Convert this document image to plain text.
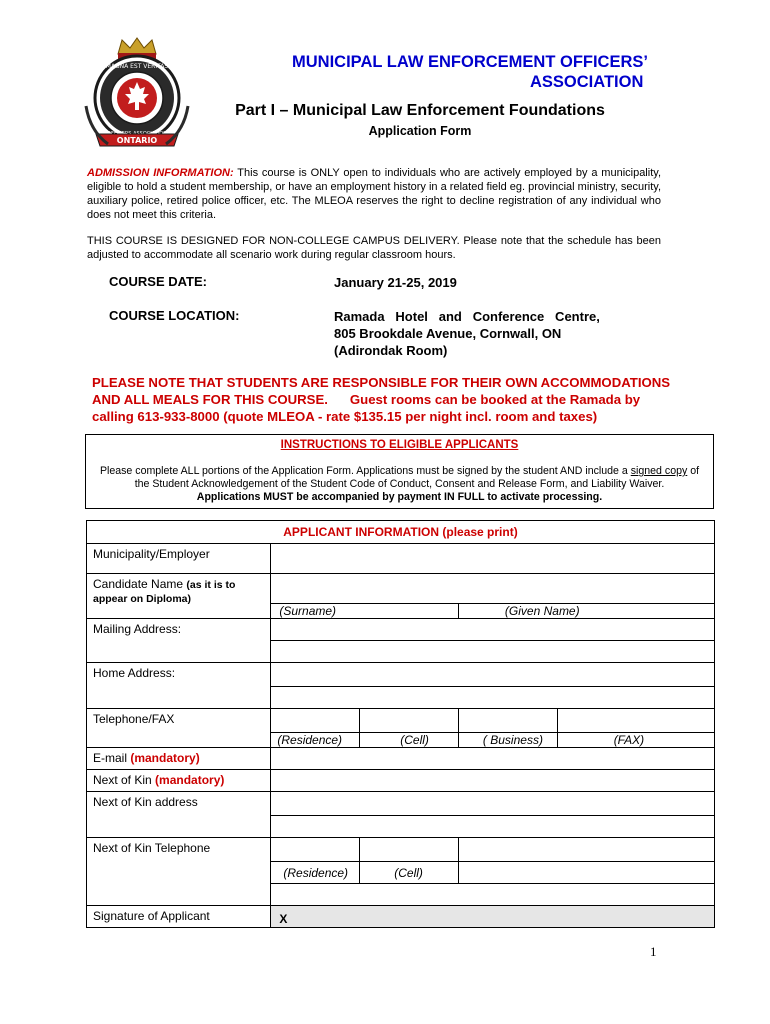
MAGNA EST VERITAS
ONTARIO
MUNICIPAL LAW ENFORCEMENT OFFICERS’
ASSOCIATION
Part I – Municipal Law Enforcement Foundations
Application Form
ADMISSION INFORMATION: This course is ONLY open to individuals who are actively employed by a municipality, eligible to hold a student membership, or have an employment history in a related field eg. provincial ministry, security, auxiliary police, retired police officer, etc. The MLEOA reserves the right to decline registration of any individual who does not meet this criteria.
THIS COURSE IS DESIGNED FOR NON-COLLEGE CAMPUS DELIVERY. Please note that the schedule has been adjusted to accommodate all scenario work during regular classroom hours.
COURSE DATE:	January 21-25, 2019
COURSE LOCATION:	Ramada   Hotel   and   Conference   Centre,
805 Brookdale Avenue, Cornwall, ON
(Adirondak Room)
PLEASE NOTE THAT STUDENTS ARE RESPONSIBLE FOR THEIR OWN ACCOMMODATIONS
AND ALL MEALS FOR THIS COURSE.      Guest rooms can be booked at the Ramada by
calling 613-933-8000 (quote MLEOA - rate $135.15 per night incl. room and taxes)
INSTRUCTIONS TO ELIGIBLE APPLICANTS
Please complete ALL portions of the Application Form. Applications must be signed by the student AND include a signed copy of the Student Acknowledgement of the Student Code of Conduct, Consent and Release Form, and Liability Waiver.
Applications MUST be accompanied by payment IN FULL to activate processing.
APPLICANT INFORMATION (please print)				
Municipality/Employer				
Candidate Name (as it is to appear on Diploma)				
	(Surname)		(Given Name)	
Mailing Address:				

Home Address:				

Telephone/FAX				
	(Residence)	(Cell)	( Business)	(FAX)
E-mail (mandatory)				
Next of Kin (mandatory)				
Next of Kin address				

Next of Kin Telephone				
	(Residence)	(Cell)		

Signature of Applicant	X			
1
